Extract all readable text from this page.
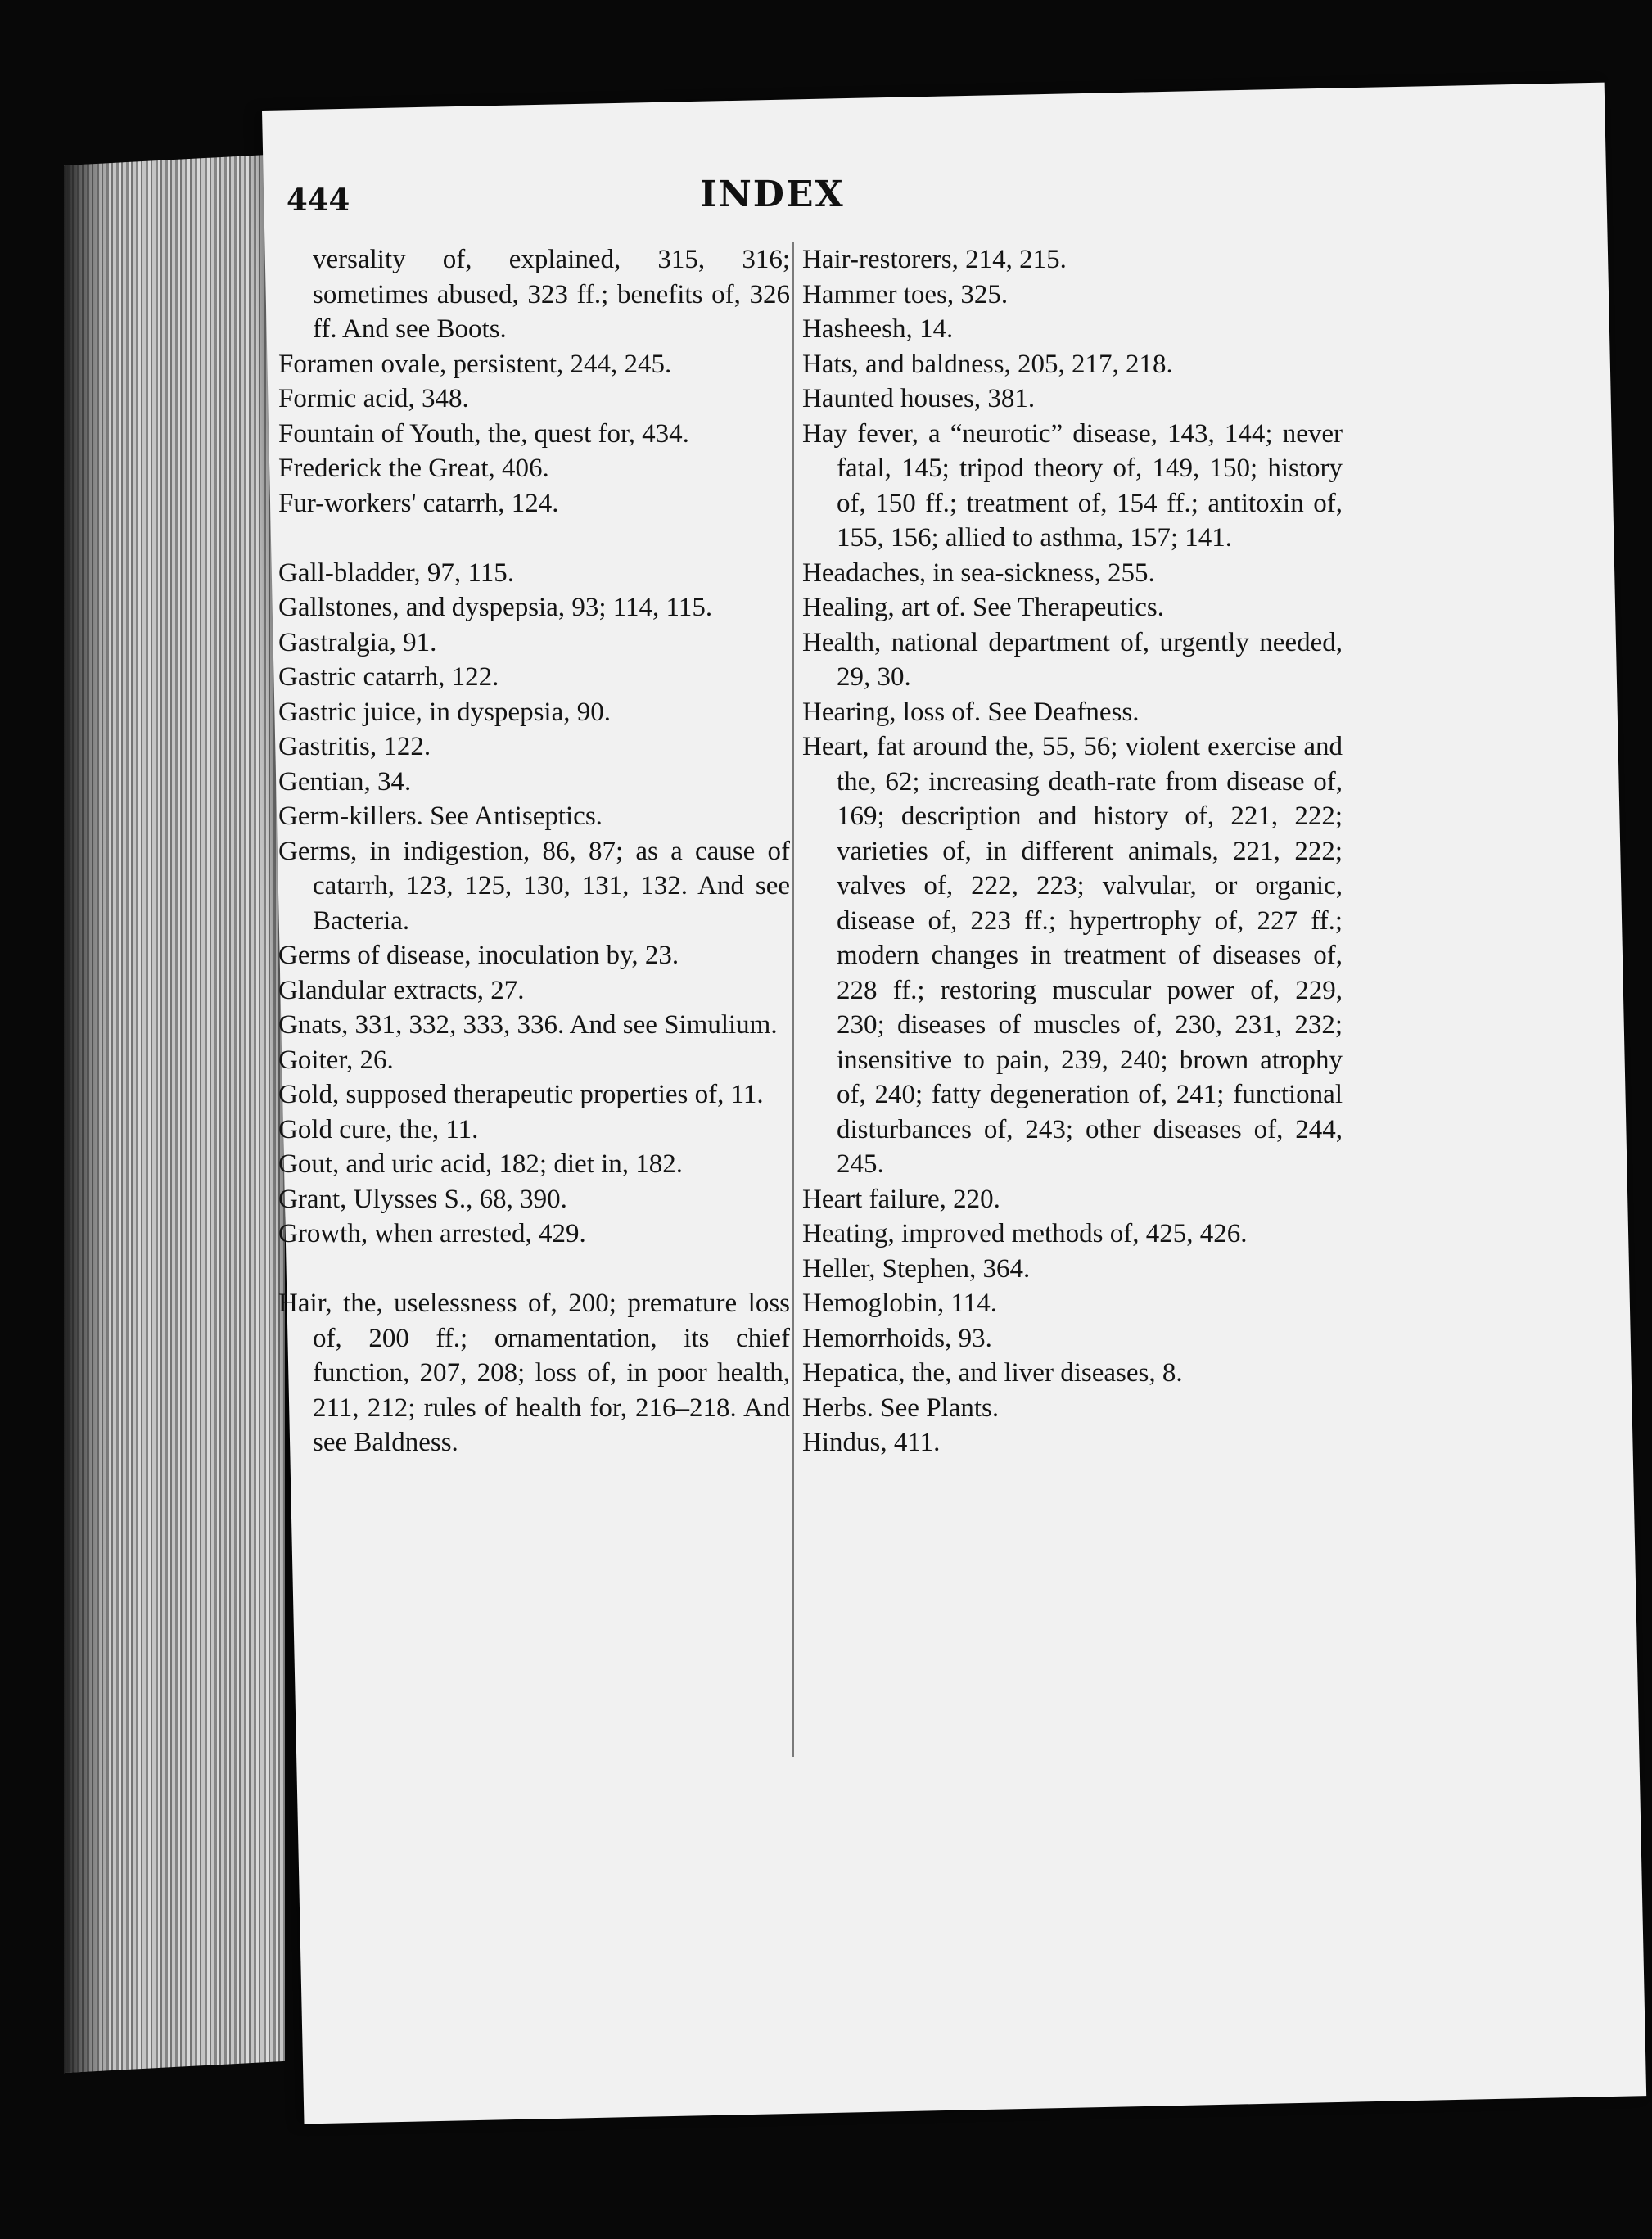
444	INDEX
versality of, explained, 315, 316; sometimes abused, 323 ff.; benefits of, 326 ff. And see Boots.
Foramen ovale, persistent, 244, 245.
Formic acid, 348.
Fountain of Youth, the, quest for, 434.
Frederick the Great, 406.
Fur-workers' catarrh, 124.
Gall-bladder, 97, 115.
Gallstones, and dyspepsia, 93; 114, 115.
Gastralgia, 91.
Gastric catarrh, 122.
Gastric juice, in dyspepsia, 90.
Gastritis, 122.
Gentian, 34.
Germ-killers. See Antiseptics.
Germs, in indigestion, 86, 87; as a cause of catarrh, 123, 125, 130, 131, 132. And see Bacteria.
Germs of disease, inoculation by, 23.
Glandular extracts, 27.
Gnats, 331, 332, 333, 336. And see Simulium.
Goiter, 26.
Gold, supposed therapeutic properties of, 11.
Gold cure, the, 11.
Gout, and uric acid, 182; diet in, 182.
Grant, Ulysses S., 68, 390.
Growth, when arrested, 429.
Hair, the, uselessness of, 200; premature loss of, 200 ff.; ornamentation, its chief function, 207, 208; loss of, in poor health, 211, 212; rules of health for, 216–218. And see Baldness.
Hair-restorers, 214, 215.
Hammer toes, 325.
Hasheesh, 14.
Hats, and baldness, 205, 217, 218.
Haunted houses, 381.
Hay fever, a “neurotic” disease, 143, 144; never fatal, 145; tripod theory of, 149, 150; history of, 150 ff.; treatment of, 154 ff.; antitoxin of, 155, 156; allied to asthma, 157; 141.
Headaches, in sea-sickness, 255.
Healing, art of. See Therapeutics.
Health, national department of, urgently needed, 29, 30.
Hearing, loss of. See Deafness.
Heart, fat around the, 55, 56; violent exercise and the, 62; increasing death-rate from disease of, 169; description and history of, 221, 222; varieties of, in different animals, 221, 222; valves of, 222, 223; valvular, or organic, disease of, 223 ff.; hypertrophy of, 227 ff.; modern changes in treatment of diseases of, 228 ff.; restoring muscular power of, 229, 230; diseases of muscles of, 230, 231, 232; insensitive to pain, 239, 240; brown atrophy of, 240; fatty degeneration of, 241; functional disturbances of, 243; other diseases of, 244, 245.
Heart failure, 220.
Heating, improved methods of, 425, 426.
Heller, Stephen, 364.
Hemoglobin, 114.
Hemorrhoids, 93.
Hepatica, the, and liver diseases, 8.
Herbs. See Plants.
Hindus, 411.
